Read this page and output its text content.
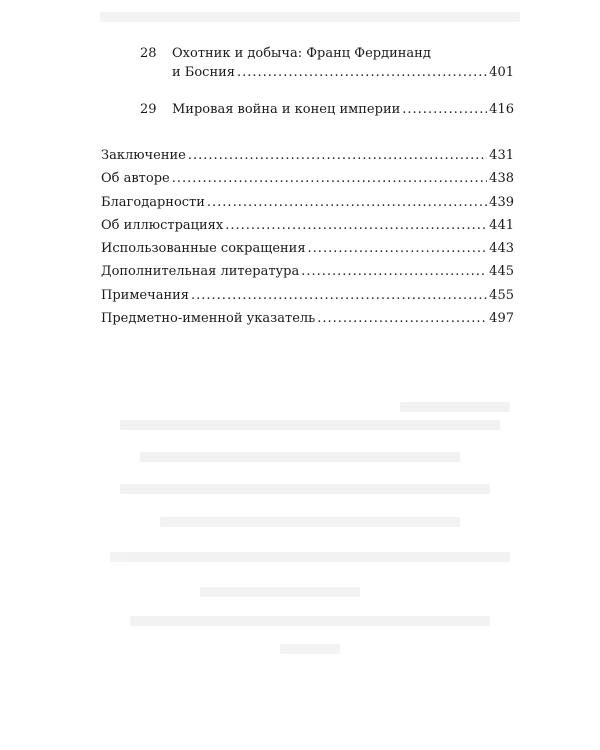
28	Охотник и добыча: Франц Фердинанд
и Босния .....	401
29	Мировая война и конец империи .....	416
Заключение .....	431
Об авторе .....	438
Благодарности .....	439
Об иллюстрациях .....	441
Использованные сокращения .....	443
Дополнительная литература .....	445
Примечания .....	455
Предметно-именной указатель .....	497
